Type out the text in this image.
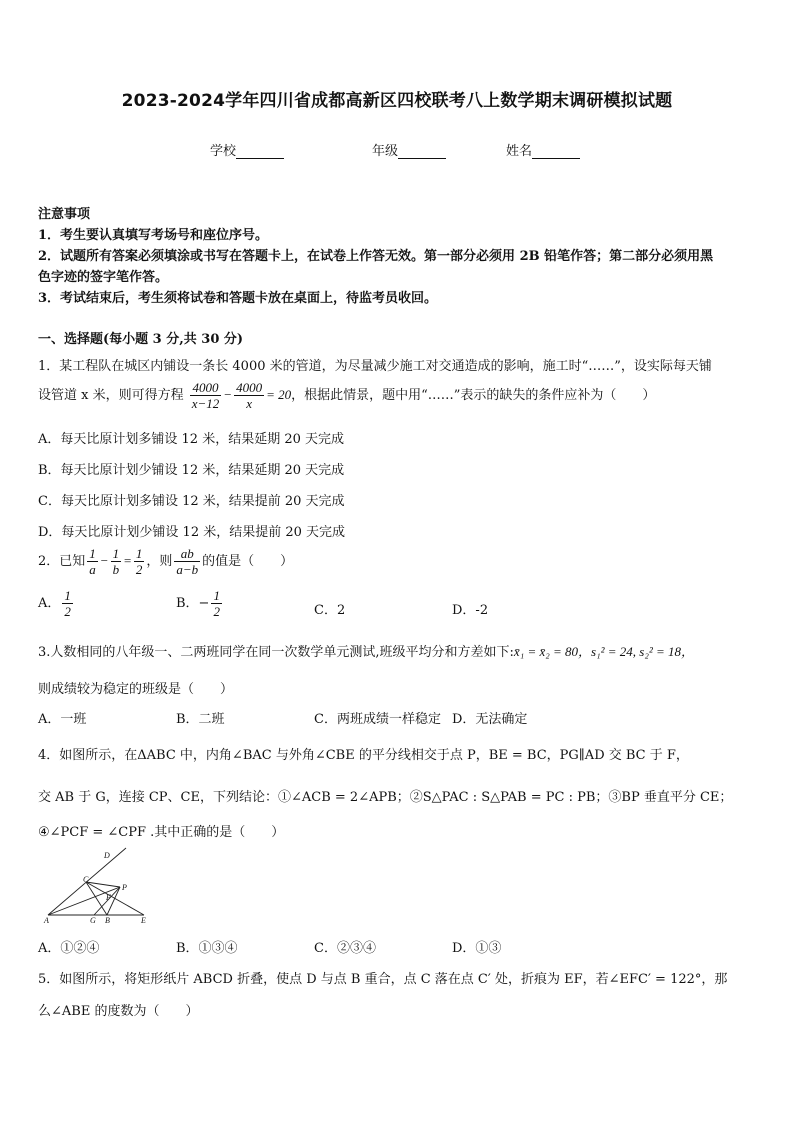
2023-2024学年四川省成都高新区四校联考八上数学期末调研模拟试题
学校	年级	姓名
注意事项
1．考生要认真填写考场号和座位序号。
2．试题所有答案必须填涂或书写在答题卡上，在试卷上作答无效。第一部分必须用 2B 铅笔作答；第二部分必须用黑
色字迹的签字笔作答。
3．考试结束后，考生须将试卷和答题卡放在桌面上，待监考员收回。
一、选择题(每小题 3 分,共 30 分)
1．某工程队在城区内铺设一条长 4000 米的管道，为尽量减少施工对交通造成的影响，施工时“……”，设实际每天铺
设管道 x 米，则可得方程 $\frac{4000}{x-12} - \frac{4000}{x} = 20$，根据此情景，题中用“……”表示的缺失的条件应补为（　　）
A．每天比原计划多铺设 12 米，结果延期 20 天完成
B．每天比原计划少铺设 12 米，结果延期 20 天完成
C．每天比原计划多铺设 12 米，结果提前 20 天完成
D．每天比原计划少铺设 12 米，结果提前 20 天完成
2．已知 $\frac{1}{a} - \frac{1}{b} = \frac{1}{2}$ ，则 $\frac{ab}{a-b}$ 的值是（　　）
A． $\frac{1}{2}$	B．− $\frac{1}{2}$	C．2	D．-2
3.人数相同的八年级一、二两班同学在同一次数学单元测试,班级平均分和方差如下:x̄₁ = x̄₂ = 80，s₁² = 24, s₂² = 18，
则成绩较为稳定的班级是（　　）
A．一班	B．二班	C．两班成绩一样稳定 D．无法确定
4．如图所示，在ΔABC 中，内角∠BAC 与外角∠CBE 的平分线相交于点 P，BE = BC，PG∥AD 交 BC 于 F，
交 AB 于 G，连接 CP、CE，下列结论：①∠ACB = 2∠APB；②S△PAC : S△PAB = PC : PB；③BP 垂直平分 CE；
④∠PCF = ∠CPF .其中正确的是（　　）
D
C
F
P
A	G B	E
A．①②④	B．①③④	C．②③④	D．①③
5．如图所示，将矩形纸片 ABCD 折叠，使点 D 与点 B 重合，点 C 落在点 C′ 处，折痕为 EF，若∠EFC′ = 122°，那
么∠ABE 的度数为（　　）
